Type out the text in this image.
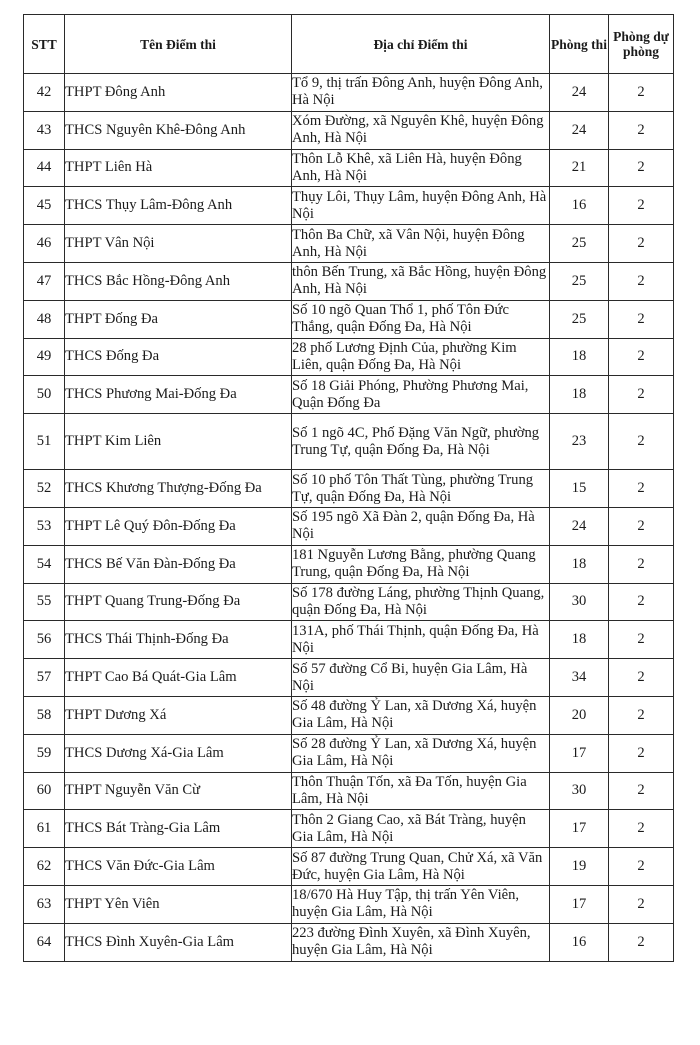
STT	Tên Điểm thi	Địa chỉ Điểm thi	Phòng thi	Phòng dự phòng
42	THPT Đông Anh	Tổ 9, thị trấn Đông Anh, huyện Đông Anh, Hà Nội	24	2
43	THCS Nguyên Khê-Đông Anh	Xóm Đường, xã Nguyên Khê, huyện Đông Anh, Hà Nội	24	2
44	THPT Liên Hà	Thôn Lỗ Khê, xã Liên Hà, huyện Đông Anh, Hà Nội	21	2
45	THCS Thụy Lâm-Đông Anh	Thụy Lôi, Thụy Lâm, huyện Đông Anh, Hà Nội	16	2
46	THPT Vân Nội	Thôn Ba Chữ, xã Vân Nội, huyện Đông Anh, Hà Nội	25	2
47	THCS Bắc Hồng-Đông Anh	thôn Bến Trung, xã Bắc Hồng, huyện Đông Anh, Hà Nội	25	2
48	THPT Đống Đa	Số 10 ngõ Quan Thổ 1, phố Tôn Đức Thắng, quận Đống Đa, Hà Nội	25	2
49	THCS Đống Đa	28 phố Lương Định Của, phường Kim Liên, quận Đống Đa, Hà Nội	18	2
50	THCS Phương Mai-Đống Đa	Số 18 Giải Phóng, Phường Phương Mai, Quận Đống Đa	18	2
51	THPT Kim Liên	Số 1 ngõ 4C, Phố Đặng Văn Ngữ, phường Trung Tự, quận Đống Đa, Hà Nội	23	2
52	THCS Khương Thượng-Đống Đa	Số 10 phố Tôn Thất Tùng, phường Trung Tự, quận Đống Đa, Hà Nội	15	2
53	THPT Lê Quý Đôn-Đống Đa	Số 195 ngõ Xã Đàn 2, quận Đống Đa, Hà Nội	24	2
54	THCS Bế Văn Đàn-Đống Đa	181 Nguyễn Lương Bằng, phường Quang Trung, quận Đống Đa, Hà Nội	18	2
55	THPT Quang Trung-Đống Đa	Số 178 đường Láng, phường Thịnh Quang, quận Đống Đa, Hà Nội	30	2
56	THCS Thái Thịnh-Đống Đa	131A, phố Thái Thịnh, quận Đống Đa, Hà Nội	18	2
57	THPT Cao Bá Quát-Gia Lâm	Số 57 đường Cổ Bi, huyện Gia Lâm, Hà Nội	34	2
58	THPT Dương Xá	Số 48 đường Ỷ Lan, xã Dương Xá, huyện Gia Lâm, Hà Nội	20	2
59	THCS Dương Xá-Gia Lâm	Số 28 đường Ỷ Lan, xã Dương Xá, huyện Gia Lâm, Hà Nội	17	2
60	THPT Nguyễn Văn Cừ	Thôn Thuận Tốn, xã Đa Tốn, huyện Gia Lâm, Hà Nội	30	2
61	THCS Bát Tràng-Gia Lâm	Thôn 2 Giang Cao, xã Bát Tràng, huyện Gia Lâm, Hà Nội	17	2
62	THCS Văn Đức-Gia Lâm	Số 87 đường Trung Quan, Chử Xá, xã Văn Đức, huyện Gia Lâm, Hà Nội	19	2
63	THPT Yên Viên	18/670 Hà Huy Tập, thị trấn Yên Viên, huyện Gia Lâm, Hà Nội	17	2
64	THCS Đình Xuyên-Gia Lâm	223 đường Đình Xuyên, xã Đình Xuyên, huyện Gia Lâm, Hà Nội	16	2
